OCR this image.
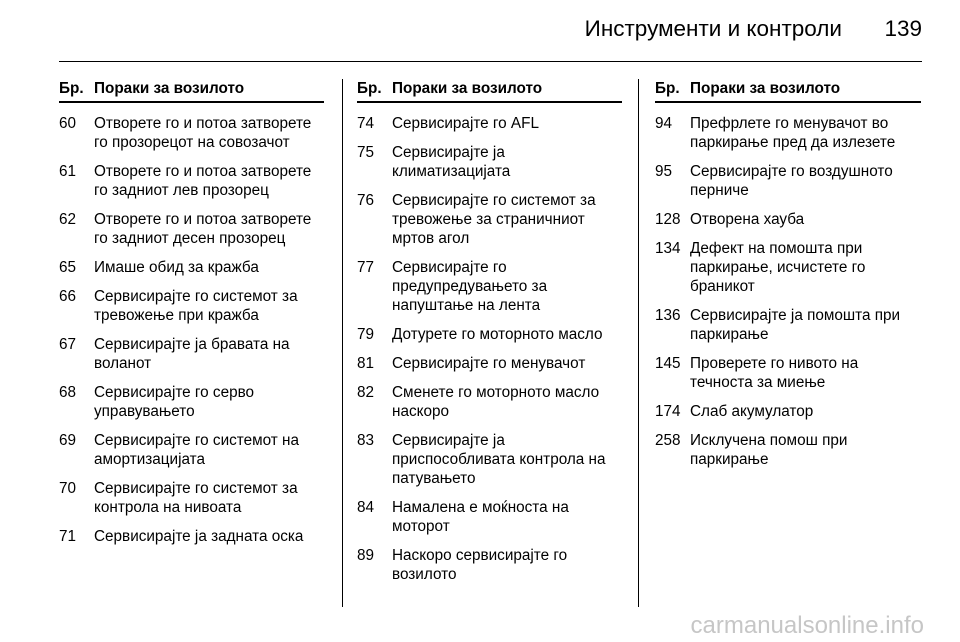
Инструменти и контроли 139
Бр. Пораки за возилото
60	Отворете го и потоа затворете го прозорецот на совозачот
61	Отворете го и потоа затворете го задниот лев прозорец
62	Отворете го и потоа затворете го задниот десен прозорец
65	Имаше обид за кражба
66	Сервисирајте го системот за тревожење при кражба
67	Сервисирајте ја бравата на воланот
68	Сервисирајте го серво управувањето
69	Сервисирајте го системот на амортизацијата
70	Сервисирајте го системот за контрола на нивоата
71	Сервисирајте ја задната оска
Бр. Пораки за возилото
74	Сервисирајте го AFL
75	Сервисирајте ја климатизацијата
76	Сервисирајте го системот за тревожење за страничниот мртов агол
77	Сервисирајте го предупредувањето за напуштање на лента
79	Дотурете го моторното масло
81	Сервисирајте го менувачот
82	Сменете го моторното масло наскоро
83	Сервисирајте ја приспособливата контрола на патувањето
84	Намалена е моќноста на моторот
89	Наскоро сервисирајте го возилото
Бр. Пораки за возилото
94	Префрлете го менувачот во паркирање пред да излезете
95	Сервисирајте го воздушното перниче
128 Отворена хауба
134 Дефект на помошта при паркирање, исчистете го браникот
136 Сервисирајте ја помошта при паркирање
145 Проверете го нивото на течноста за миење
174 Слаб акумулатор
258 Исклучена помош при паркирање
carmanualsonline.info
